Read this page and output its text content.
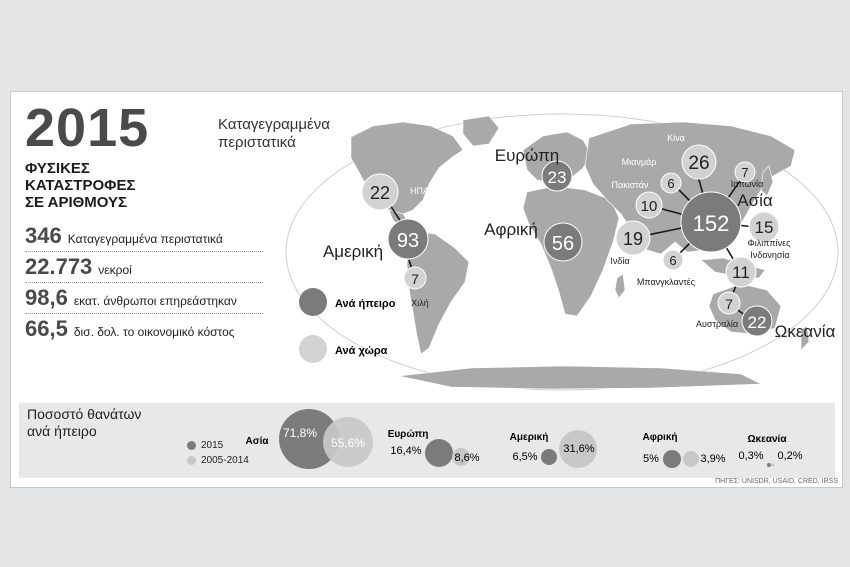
2015
ΦΥΣΙΚΕΣ
ΚΑΤΑΣΤΡΟΦΕΣ
ΣΕ ΑΡΙΘΜΟΥΣ
346 Καταγεγραμμένα περιστατικά
22.773 νεκροί
98,6 εκατ. άνθρωποι επηρεάστηκαν
66,5 δισ. δολ. το οικονομικό κόστος
Ανά ήπειρο
Ανά χώρα
93
Αμερική
23
Ευρώπη
56
Αφρική
22 Ωκεανία
22 ΗΠΑ
7
Χιλή
26
Κίνα
6
Μιανμάρ
10
Πακιστάν
7
Ιαπωνία
152
Ασία
19
Ινδία	6
Μπανγκλαντές
15
Φιλιππίνες
11
Ινδονησία
7
Αυστραλία
Καταγεγραμμένα
περιστατικά
Ποσοστό θανάτων
ανά ήπειρο
2015
2005-2014
Ασία
71,8%
55,6%
Ευρώπη
16,4%
8,6%
Αμερική
6,5%
31,6%
Αφρική
5%	3,9%
Ωκεανία
0,3% 0,2%
ΠΗΓΕΣ: UNISDR, USAID, CRED, IRSS
